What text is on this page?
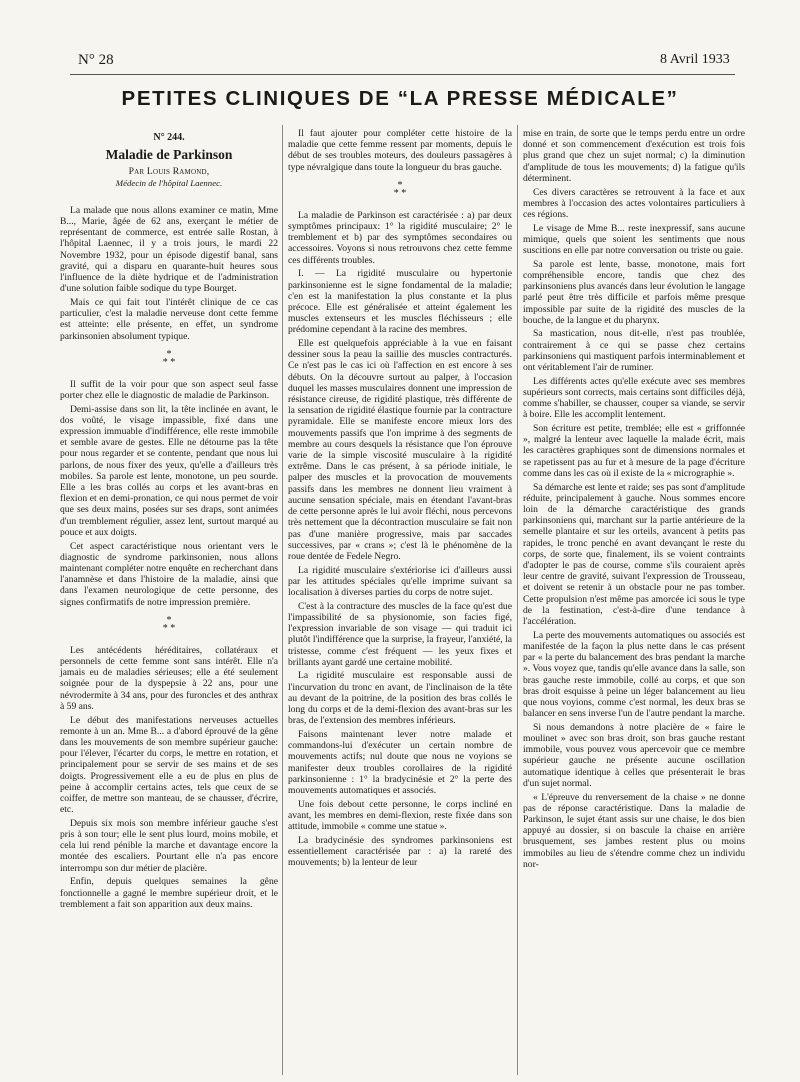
N° 28	8 Avril 1933
PETITES CLINIQUES DE “LA PRESSE MÉDICALE”
N° 244.
Maladie de Parkinson
Par Louis Ramond,
Médecin de l'hôpital Laennec.

La malade que nous allons examiner ce matin, Mme B..., Marie, âgée de 62 ans, exerçant le métier de représentant de commerce, est entrée salle Rostan, à l'hôpital Laennec, il y a trois jours, le mardi 22 Novembre 1932, pour un épisode digestif banal, sans gravité, qui a disparu en quarante-huit heures sous l'influence de la diète hydrique et de l'administration d'une solution faible sodique du type Bourget.

Mais ce qui fait tout l'intérêt clinique de ce cas particulier, c'est la maladie nerveuse dont cette femme est atteinte: elle présente, en effet, un syndrome parkinsonien absolument typique.

*
* *

Il suffit de la voir pour que son aspect seul fasse porter chez elle le diagnostic de maladie de Parkinson.

Demi-assise dans son lit, la tête inclinée en avant, le dos voûté, le visage impassible, fixé dans une expression immuable d'indifférence, elle reste immobile et semble avare de gestes. Elle ne détourne pas la tête pour nous regarder et se contente, pendant que nous lui parlons, de nous fixer des yeux, qu'elle a d'ailleurs très mobiles. Sa parole est lente, monotone, un peu sourde. Elle a les bras collés au corps et les avant-bras en flexion et en demi-pronation, ce qui nous permet de voir que ses deux mains, posées sur ses draps, sont animées d'un tremblement régulier, assez lent, surtout marqué au pouce et aux doigts.

Cet aspect caractéristique nous orientant vers le diagnostic de syndrome parkinsonien, nous allons maintenant compléter notre enquête en recherchant dans l'anamnèse et dans l'histoire de la maladie, ainsi que dans l'examen neurologique de cette personne, des signes confirmatifs de notre impression première.

*
* *

Les antécédents héréditaires, collatéraux et personnels de cette femme sont sans intérêt. Elle n'a jamais eu de maladies sérieuses; elle a été seulement soignée pour de la dyspepsie à 22 ans, pour une névrodermite à 34 ans, pour des furoncles et des anthrax à 59 ans.

Le début des manifestations nerveuses actuelles remonte à un an. Mme B... a d'abord éprouvé de la gêne dans les mouvements de son membre supérieur gauche: pour l'élever, l'écarter du corps, le mettre en rotation, et principalement pour se servir de ses mains et de ses doigts. Progressivement elle a eu de plus en plus de peine à accomplir certains actes, tels que ceux de se coiffer, de mettre son manteau, de se chausser, d'écrire, etc.

Depuis six mois son membre inférieur gauche s'est pris à son tour; elle le sent plus lourd, moins mobile, et cela lui rend pénible la marche et davantage encore la montée des escaliers. Pourtant elle n'a pas encore interrompu son dur métier de placière.

Enfin, depuis quelques semaines la gêne fonctionnelle a gagné le membre supérieur droit, et le tremblement a fait son apparition aux deux mains.

Il faut ajouter pour compléter cette histoire de la maladie que cette femme ressent par moments, depuis le début de ses troubles moteurs, des douleurs passagères à type névralgique dans toute la longueur du bras gauche.

*
* *

La maladie de Parkinson est caractérisée : a) par deux symptômes principaux: 1° la rigidité musculaire; 2° le tremblement et b) par des symptômes secondaires ou accessoires. Voyons si nous retrouvons chez cette femme ces différents troubles.

I. — La rigidité musculaire ou hypertonie parkinsonienne est le signe fondamental de la maladie; c'en est la manifestation la plus constante et la plus précoce. Elle est généralisée et atteint également les muscles extenseurs et les muscles fléchisseurs ; elle prédomine cependant à la racine des membres.

Elle est quelquefois appréciable à la vue en faisant dessiner sous la peau la saillie des muscles contracturés. Ce n'est pas le cas ici où l'affection en est encore à ses débuts. On la découvre surtout au palper, à l'occasion duquel les masses musculaires donnent une impression de résistance cireuse, de rigidité plastique, très différente de la sensation de rigidité élastique fournie par la contracture pyramidale. Elle se manifeste encore mieux lors des mouvements passifs que l'on imprime à des segments de membre au cours desquels la résistance que l'on éprouve varie de la simple viscosité musculaire à la rigidité extrême. Dans le cas présent, à sa période initiale, le palper des muscles et la provocation de mouvements passifs dans les membres ne donnent lieu vraiment à aucune sensation spéciale, mais en étendant l'avant-bras de cette personne après le lui avoir fléchi, nous percevons très nettement que la décontraction musculaire se fait non pas d'une manière progressive, mais par saccades successives, par « crans »; c'est là le phénomène de la roue dentée de Fedele Negro.

La rigidité musculaire s'extériorise ici d'ailleurs aussi par les attitudes spéciales qu'elle imprime suivant sa localisation à diverses parties du corps de notre sujet.

C'est à la contracture des muscles de la face qu'est due l'impassibilité de sa physionomie, son facies figé, l'expression invariable de son visage — qui traduit ici plutôt l'indifférence que la surprise, la frayeur, l'anxiété, la tristesse, comme c'est fréquent — les yeux fixes et brillants ayant gardé une certaine mobilité.

La rigidité musculaire est responsable aussi de l'incurvation du tronc en avant, de l'inclinaison de la tête au devant de la poitrine, de la position des bras collés le long du corps et de la demi-flexion des avant-bras sur les bras, de l'extension des membres inférieurs.

Faisons maintenant lever notre malade et commandons-lui d'exécuter un certain nombre de mouvements actifs; nul doute que nous ne voyions se manifester deux troubles corollaires de la rigidité parkinsonienne : 1° la bradycinésie et 2° la perte des mouvements automatiques et associés.

Une fois debout cette personne, le corps incliné en avant, les membres en demi-flexion, reste fixée dans son attitude, immobile « comme une statue ».

La bradycinésie des syndromes parkinsoniens est essentiellement caractérisée par : a) la rareté des mouvements; b) la lenteur de leur

mise en train, de sorte que le temps perdu entre un ordre donné et son commencement d'exécution est trois fois plus grand que chez un sujet normal; c) la diminution d'amplitude de tous les mouvements; d) la fatigue qu'ils déterminent.

Ces divers caractères se retrouvent à la face et aux membres à l'occasion des actes volontaires particuliers à ces régions.

Le visage de Mme B... reste inexpressif, sans aucune mimique, quels que soient les sentiments que nous suscitions en elle par notre conversation ou triste ou gaie.

Sa parole est lente, basse, monotone, mais fort compréhensible encore, tandis que chez des parkinsoniens plus avancés dans leur évolution le langage parlé peut être très difficile et parfois même presque impossible par suite de la rigidité des muscles de la bouche, de la langue et du pharynx.

Sa mastication, nous dit-elle, n'est pas troublée, contrairement à ce qui se passe chez certains parkinsoniens qui mastiquent parfois interminablement et ont véritablement l'air de ruminer.

Les différents actes qu'elle exécute avec ses membres supérieurs sont corrects, mais certains sont difficiles déjà, comme s'habiller, se chausser, couper sa viande, se servir à boire. Elle les accomplit lentement.

Son écriture est petite, tremblée; elle est « griffonnée », malgré la lenteur avec laquelle la malade écrit, mais les caractères graphiques sont de dimensions normales et se rapetissent pas au fur et à mesure de la page d'écriture comme dans les cas où il existe de la « micrographie ».

Sa démarche est lente et raide; ses pas sont d'amplitude réduite, principalement à gauche. Nous sommes encore loin de la démarche caractéristique des grands parkinsoniens qui, marchant sur la partie antérieure de la semelle plantaire et sur les orteils, avancent à petits pas rapides, le tronc penché en avant devançant le reste du corps, de sorte que, finalement, ils se voient contraints d'adopter le pas de course, comme s'ils couraient après leur centre de gravité, suivant l'expression de Trousseau, et doivent se retenir à un obstacle pour ne pas tomber. Cette propulsion n'est même pas amorcée ici sous le type de la festination, c'est-à-dire d'une tendance à l'accélération.

La perte des mouvements automatiques ou associés est manifestée de la façon la plus nette dans le cas présent par « la perte du balancement des bras pendant la marche ». Vous voyez que, tandis qu'elle avance dans la salle, son bras gauche reste immobile, collé au corps, et que son bras droit esquisse à peine un léger balancement au lieu que nous voyions, comme c'est normal, les deux bras se balancer en sens inverse l'un de l'autre pendant la marche.

Si nous demandons à notre placière de « faire le moulinet » avec son bras droit, son bras gauche restant immobile, vous pouvez vous apercevoir que ce membre supérieur gauche ne présente aucune oscillation automatique identique à celles que présenterait le bras d'un sujet normal.

« L'épreuve du renversement de la chaise » ne donne pas de réponse caractéristique. Dans la maladie de Parkinson, le sujet étant assis sur une chaise, le dos bien appuyé au dossier, si on bascule la chaise en arrière brusquement, ses jambes restent plus ou moins immobiles au lieu de s'étendre comme chez un individu nor-
